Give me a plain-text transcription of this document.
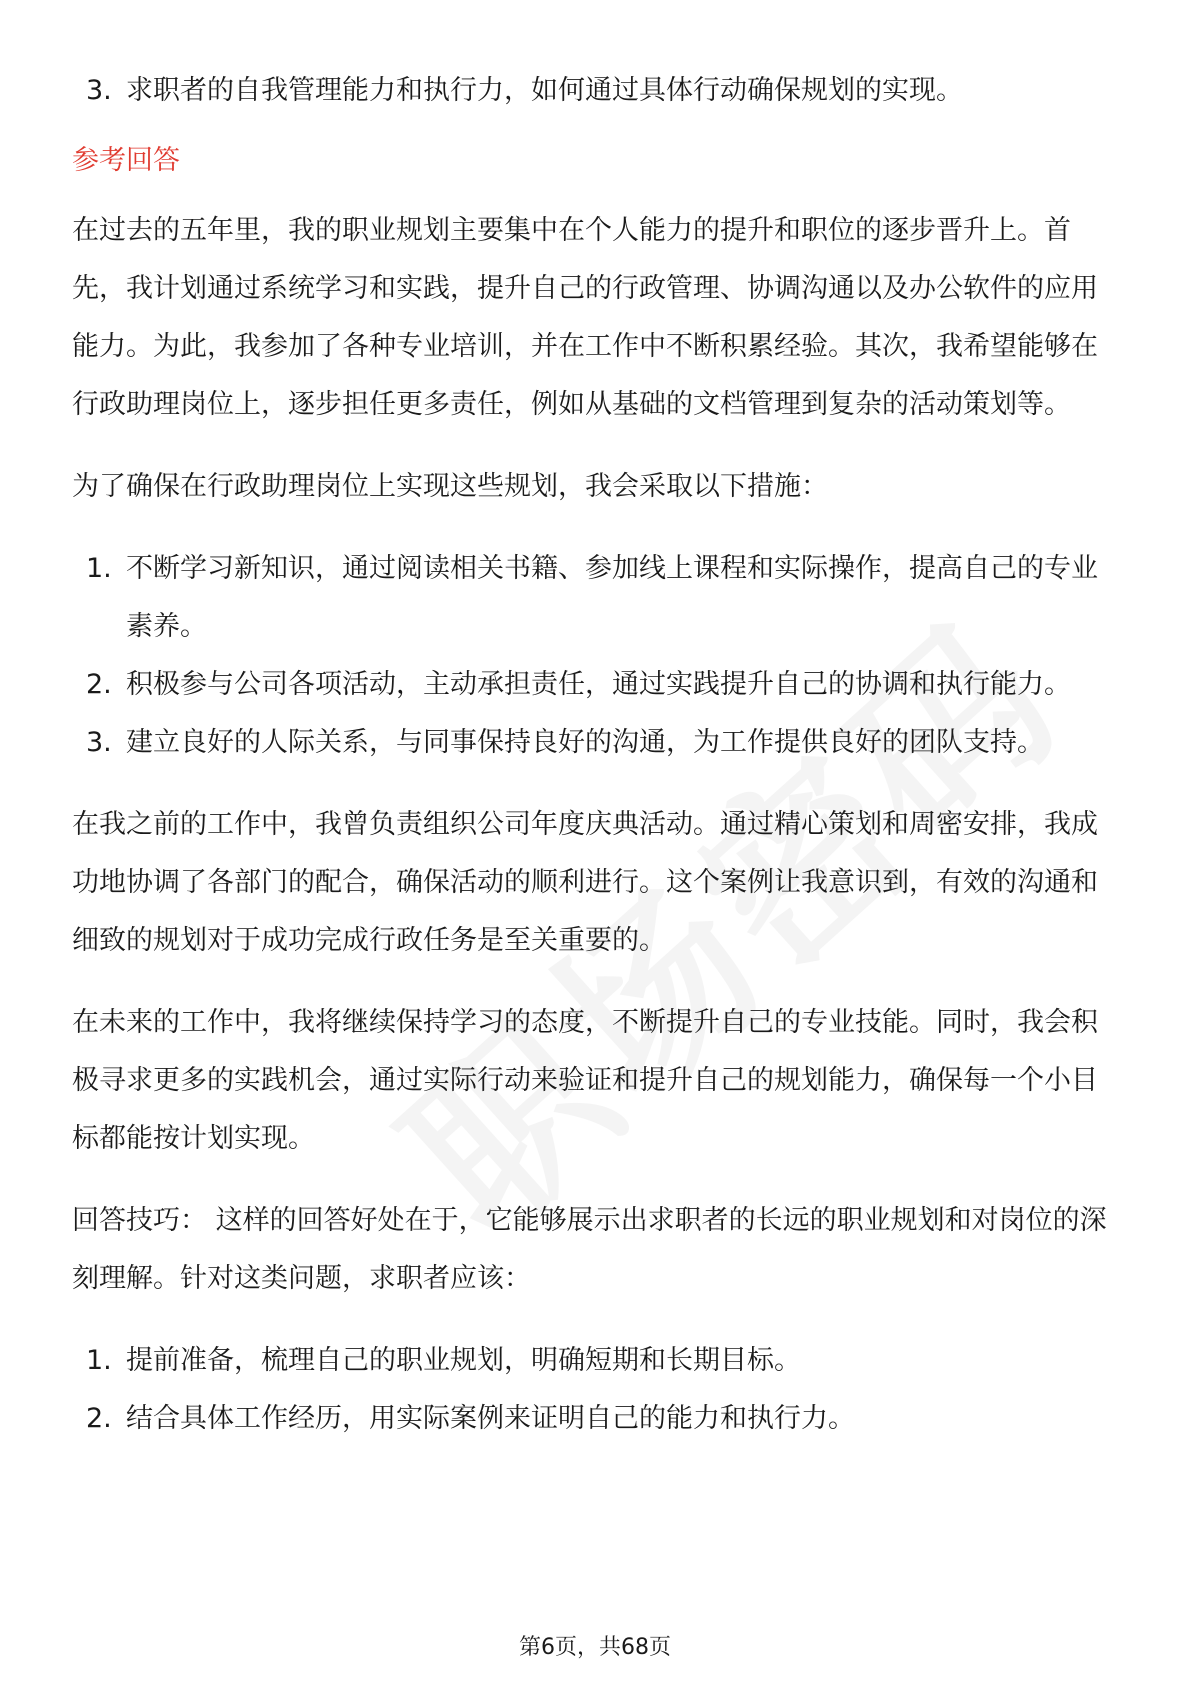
3. 求职者的自我管理能力和执行力，如何通过具体行动确保规划的实现。
参考回答

在过去的五年里，我的职业规划主要集中在个人能力的提升和职位的逐步晋升上。首先，我计划通过系统学习和实践，提升自己的行政管理、协调沟通以及办公软件的应用能力。为此，我参加了各种专业培训，并在工作中不断积累经验。其次，我希望能够在行政助理岗位上，逐步担任更多责任，例如从基础的文档管理到复杂的活动策划等。

为了确保在行政助理岗位上实现这些规划，我会采取以下措施：

1. 不断学习新知识，通过阅读相关书籍、参加线上课程和实际操作，提高自己的专业素养。
2. 积极参与公司各项活动，主动承担责任，通过实践提升自己的协调和执行能力。
3. 建立良好的人际关系，与同事保持良好的沟通，为工作提供良好的团队支持。

在我之前的工作中，我曾负责组织公司年度庆典活动。通过精心策划和周密安排，我成功地协调了各部门的配合，确保活动的顺利进行。这个案例让我意识到，有效的沟通和细致的规划对于成功完成行政任务是至关重要的。

在未来的工作中，我将继续保持学习的态度，不断提升自己的专业技能。同时，我会积极寻求更多的实践机会，通过实际行动来验证和提升自己的规划能力，确保每一个小目标都能按计划实现。

回答技巧： 这样的回答好处在于，它能够展示出求职者的长远的职业规划和对岗位的深刻理解。针对这类问题，求职者应该：

1. 提前准备，梳理自己的职业规划，明确短期和长期目标。
2. 结合具体工作经历，用实际案例来证明自己的能力和执行力。
第6页，共68页
